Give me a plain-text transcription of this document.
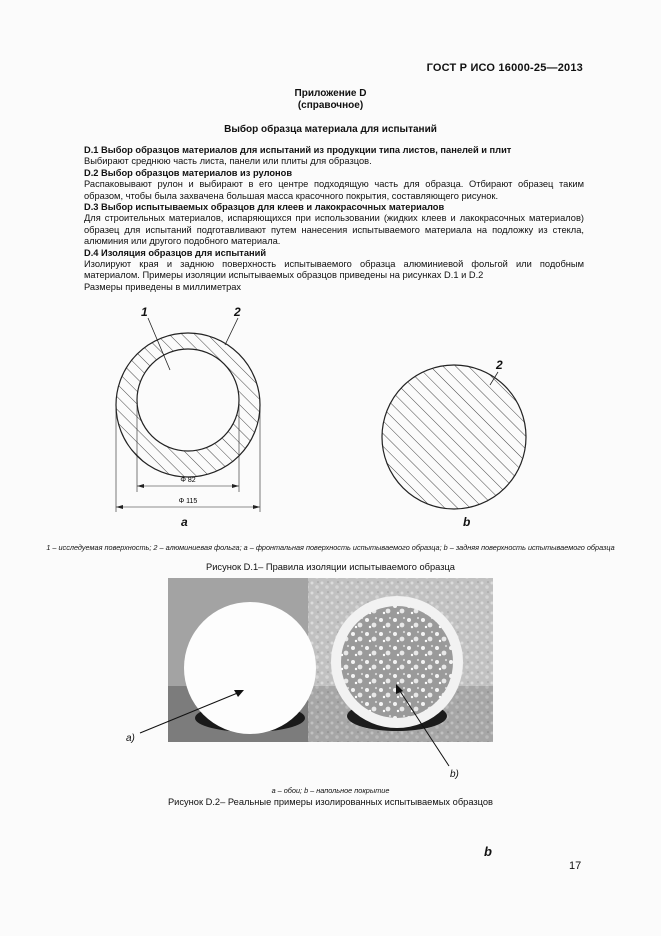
ГОСТ Р ИСО 16000-25—2013
Приложение D
(справочное)
Выбор образца материала для испытаний

D.1 Выбор образцов материалов для испытаний из продукции типа листов, панелей и плит

Выбирают среднюю часть листа, панели или плиты для образцов.

D.2 Выбор образцов материалов из рулонов

Распаковывают рулон и выбирают в его центре подходящую часть для образца. Отбирают образец таким образом, чтобы была захвачена большая масса красочного покрытия, составляющего рисунок.

D.3 Выбор испытываемых образцов для клеев и лакокрасочных материалов

Для строительных материалов, испаряющихся при использовании (жидких клеев и лакокрасочных материалов) образец для испытаний подготавливают путем нанесения испытываемого материала на подложку из стекла, алюминия или другого подобного материала.

D.4 Изоляция образцов для испытаний

Изолируют края и заднюю поверхность испытываемого образца алюминиевой фольгой или подобным материалом. Примеры изоляции испытываемых образцов приведены на рисунках D.1 и D.2

Размеры приведены в миллиметрах

Φ 82
Φ 115
1	2
2
a	b
1 – исследуемая поверхность; 2 – алюминиевая фольга; а – фронтальная поверхность испытываемого образца; b – задняя поверхность испытываемого образца
Рисунок D.1– Правила изоляции испытываемого образца
a)
b)
а – обои; b – напольное покрытие
Рисунок D.2– Реальные примеры изолированных испытываемых образцов
b
17
